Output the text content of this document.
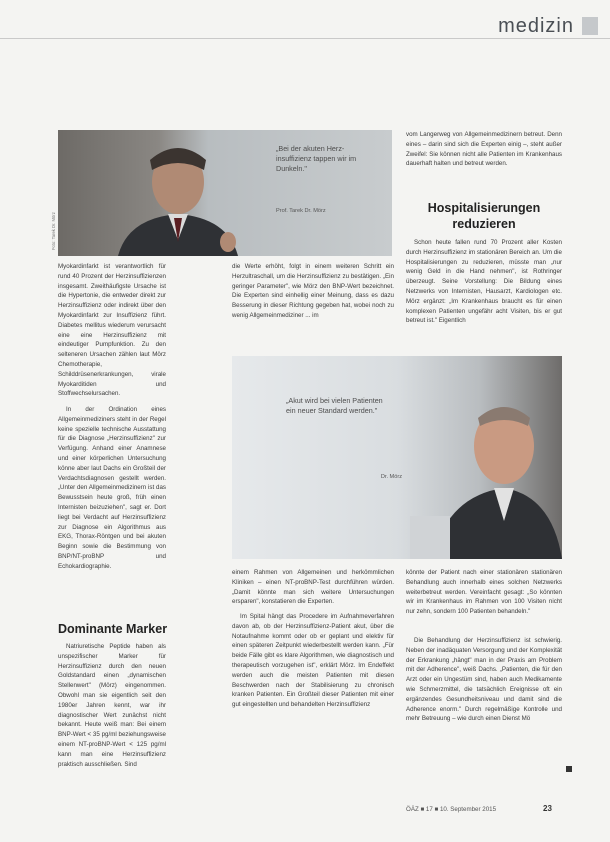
medizin
„Bei der akuten Herz-insuffizienz tappen wir im Dunkeln."
Prof. Tarek Dr. Mörz
Foto: Tarek Dr. Mörz
Myokardinfarkt ist verantwortlich für rund 40 Prozent der Herzinsuffizienzen insgesamt. Zweithäufigste Ursache ist die Hypertonie, die entweder direkt zur Herzinsuffizienz oder indirekt über den Myokardinfarkt zur Insuffizienz führt. Diabetes mellitus wiederum verursacht eine eine Herzinsuffizienz mit eindeutiger Pumpfunktion. Zu den selteneren Ursachen zählen laut Mörz Chemotherapie, Schilddrüsenerkrankungen, virale Myokarditiden und Stoffwechselursachen.
In der Ordination eines Allgemeinmediziners steht in der Regel keine spezielle technische Ausstattung für die Diagnose „Herzinsuffizienz" zur Verfügung. Anhand einer Anamnese und einer körperlichen Untersuchung könne aber laut Dachs ein Großteil der Verdachtsdiagnosen gestellt werden. „Unter den Allgemeinmedizinern ist das Bewusstsein heute groß, früh einen Internisten beizuziehen", sagt er. Dort liegt bei Verdacht auf Herzinsuffizienz zur Diagnose ein Algorithmus aus EKG, Thorax-Röntgen und bei akuten Beginn sowie die Bestimmung von BNP/NT-proBNP und Echokardiographie.
Dominante Marker
Natriuretische Peptide haben als unspezifischer Marker für Herzinsuffizienz durch den neuen Goldstandard einen „dynamischen Stellenwert" (Mörz) eingenommen. Obwohl man sie eigentlich seit den 1980er Jahren kennt, war ihr diagnostischer Wert zunächst nicht bekannt. Heute weiß man: Bei einem BNP-Wert < 35 pg/ml beziehungsweise einem NT-proBNP-Wert < 125 pg/ml kann man eine Herzinsuffizienz praktisch ausschließen. Sind
die Werte erhöht, folgt in einem weiteren Schritt ein Herzultraschall, um die Herzinsuffizienz zu bestätigen. „Ein geringer Parameter", wie Mörz den BNP-Wert bezeichnet. Die Experten sind einhellig einer Meinung, dass es dazu Besserung in dieser Richtung gegeben hat, wobei noch zu wenig Allgemeinmediziner ... im
einem Rahmen von Allgemeinen und herkömmlichen Kliniken – einen NT-proBNP-Test durchführen würden. „Damit könnte man sich weitere Untersuchungen ersparen", konstatieren die Experten.
Im Spital hängt das Procedere im Aufnahmeverfahren davon ab, ob der Herzinsuffizienz-Patient akut, über die Notaufnahme kommt oder ob er geplant und elektiv für einen späteren Zeitpunkt wiederbestellt werden kann. „Für beide Fälle gibt es klare Algorithmen, wie diagnostisch und therapeutisch vorzugehen ist", erklärt Mörz. Im Endeffekt werden auch die meisten Patienten mit diesen Beschwerden nach der Stabilisierung zu chronisch kranken Patienten. Ein Großteil dieser Patienten mit einer gut eingestellten und behandelten Herzinsuffizienz
„Akut wird bei vielen Patienten ein neuer Standard werden."
Dr. Mörz
vom Langerweg von Allgemeinmedizinern betreut. Denn eines – darin sind sich die Experten einig –, steht außer Zweifel: Sie können nicht alle Patienten im Krankenhaus dauerhaft halten und betreut werden.
Hospitalisierungen reduzieren
Schon heute fallen rund 70 Prozent aller Kosten durch Herzinsuffizienz im stationären Bereich an. Um die Hospitalisierungen zu reduzieren, müsste man „nur wenig Geld in die Hand nehmen", ist Rothringer überzeugt. Seine Vorstellung: Die Bildung eines Netzwerks von Internisten, Hausarzt, Kardiologen etc. Mörz ergänzt: „Im Krankenhaus braucht es für einen komplexen Patienten ungefähr acht Visiten, bis er gut betreut ist." Eigentlich
könnte der Patient nach einer stationären stationären Behandlung auch innerhalb eines solchen Netzwerks weiterbetreut werden. Vereinfacht gesagt: „So könnten wir im Krankenhaus im Rahmen von 100 Visiten nicht nur zehn, sondern 100 Patienten behandeln."
Die Behandlung der Herzinsuffizienz ist schwierig. Neben der inadäquaten Versorgung und der Komplexität der Erkrankung „hängt" man in der Praxis am Problem mit der Adherence", weiß Dachs. „Patienten, die für den Arzt oder ein Ungestüm sind, haben auch Medikamente wie Schmerzmittel, die tatsächlich Ereignisse oft ein ergänzendes Gesundheitsniveau und damit sind die Adherence enorm." Durch regelmäßige Kontrolle und mehr Betreuung – wie durch einen Dienst Mö
ÖÄZ ■ 17 ■ 10. September 2015	23
